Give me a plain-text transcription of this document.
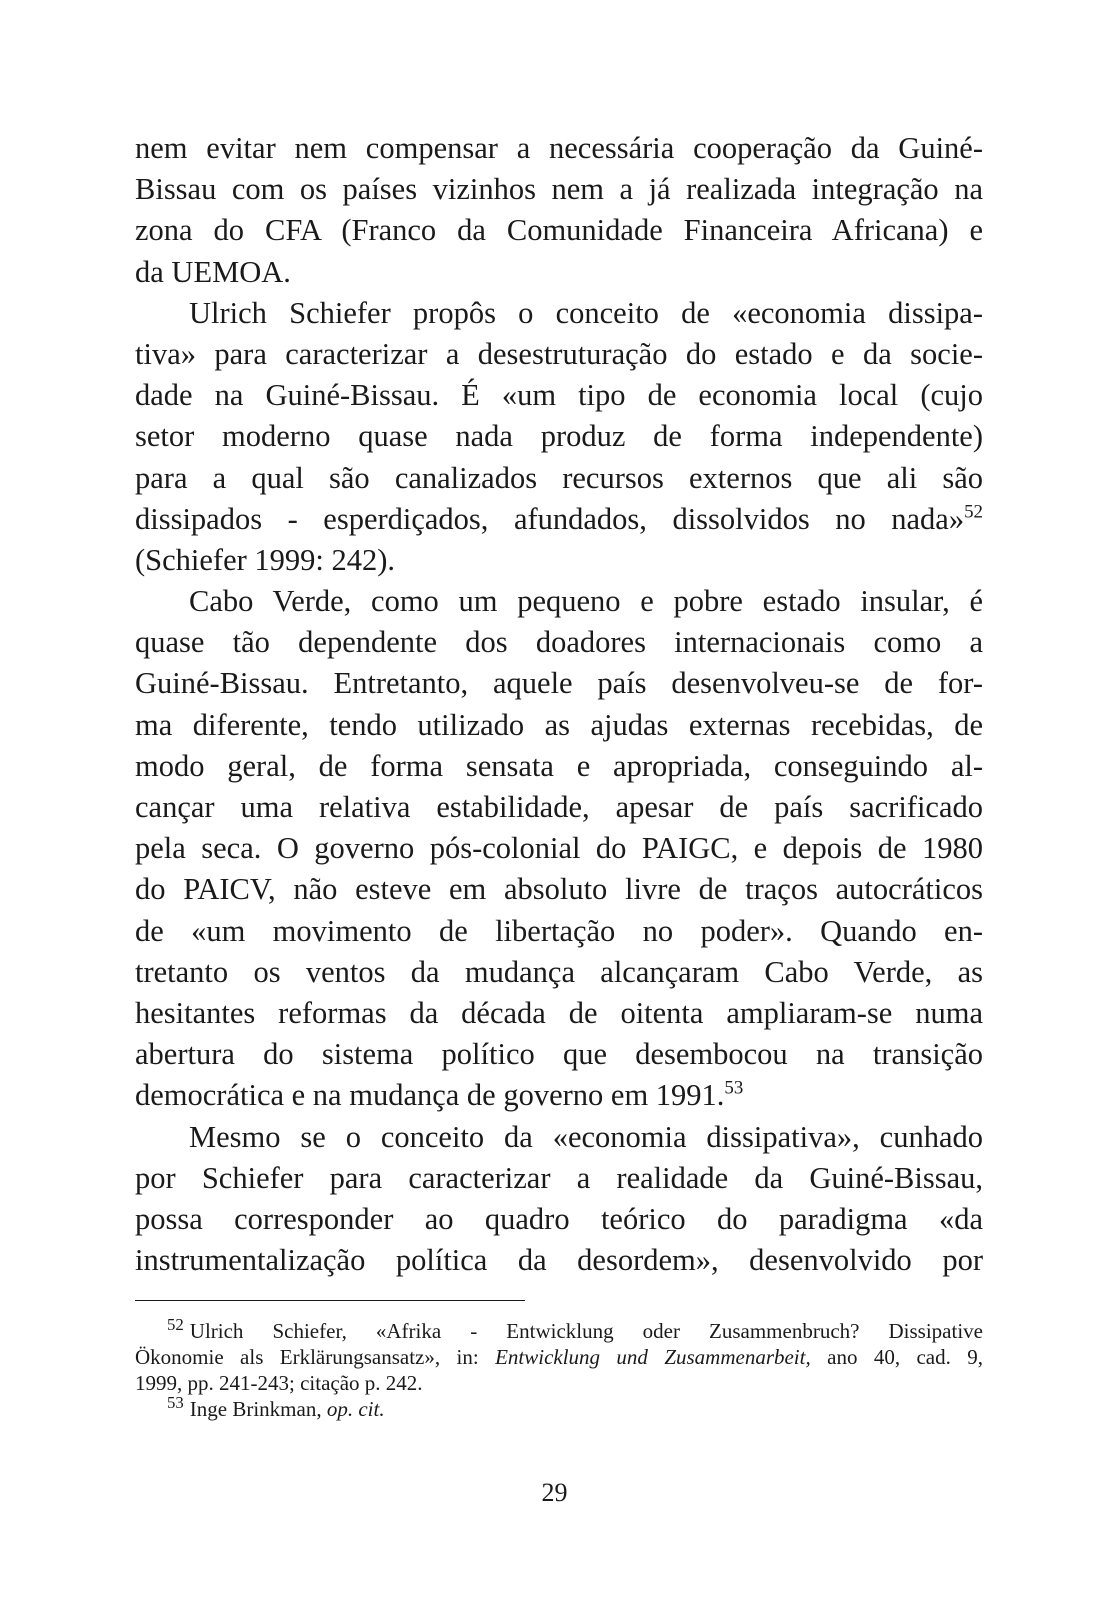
nem evitar nem compensar a necessária cooperação da Guiné-
Bissau com os países vizinhos nem a já realizada integração na
zona do CFA (Franco da Comunidade Financeira Africana) e
da UEMOA.
Ulrich Schiefer propôs o conceito de «economia dissipa-
tiva» para caracterizar a desestruturação do estado e da socie-
dade na Guiné-Bissau. É «um tipo de economia local (cujo
setor moderno quase nada produz de forma independente)
para a qual são canalizados recursos externos que ali são
dissipados - esperdiçados, afundados, dissolvidos no nada»$^{52}$
(Schiefer 1999: 242).
Cabo Verde, como um pequeno e pobre estado insular, é
quase tão dependente dos doadores internacionais como a
Guiné-Bissau. Entretanto, aquele país desenvolveu-se de for-
ma diferente, tendo utilizado as ajudas externas recebidas, de
modo geral, de forma sensata e apropriada, conseguindo al-
cançar uma relativa estabilidade, apesar de país sacrificado
pela seca. O governo pós-colonial do PAIGC, e depois de 1980
do PAICV, não esteve em absoluto livre de traços autocráticos
de «um movimento de libertação no poder». Quando en-
tretanto os ventos da mudança alcançaram Cabo Verde, as
hesitantes reformas da década de oitenta ampliaram-se numa
abertura do sistema político que desembocou na transição
democrática e na mudança de governo em 1991.53
Mesmo se o conceito da «economia dissipativa», cunhado
por Schiefer para caracterizar a realidade da Guiné-Bissau,
possa corresponder ao quadro teórico do paradigma «da
instrumentalização política da desordem», desenvolvido por
$^{52}$ Ulrich Schiefer, «Afrika - Entwicklung oder Zusammenbruch? Dissipative
Ökonomie als Erklärungsansatz», in: Entwicklung und Zusammenarbeit, ano 40, cad. 9,
1999, pp. 241-243; citação p. 242.
$^{53}$ Inge Brinkman, op. cit.
29
